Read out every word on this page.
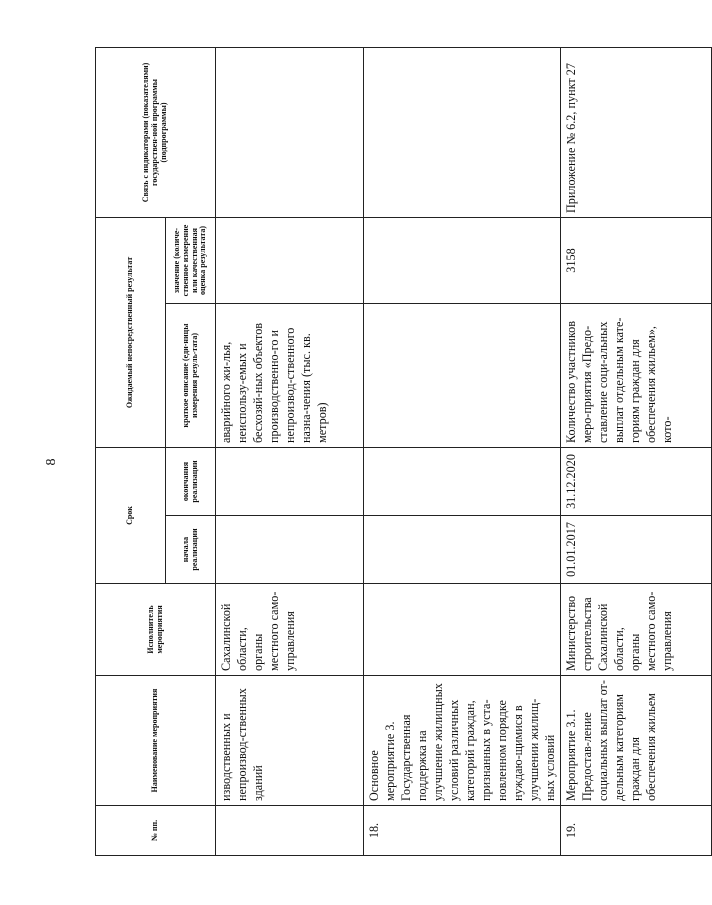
8
№ пп.	Наименование мероприятия	Исполнитель мероприятия	Срок		Ожидаемый непосредственный результат		Связь с индикаторами (показателями) государствен-ной программы (подпрограммы)
			начала реализации	окончания реализации	краткое описание (еди-ницы измерения резуль-тата)	значение (количе-ственное измерение или качественная оценка результата)	
	изводственных и непроизвод-ственных зданий	Сахалинской области, органы местного само-управления			аварийного жи-лья, неиспользу-емых и бесхозяй-ных объектов производственно-го и непроизвод-ственного назна-чения (тыс. кв. метров)		
18.	Основное мероприятие 3. Государственная поддержка на улучшение жилищных условий различных категорий граждан, признанных в уста-новленном порядке нуждаю-щимися в улучшении жилищ-ных условий						
19.	Мероприятие 3.1. Предостав-ление социальных выплат от-дельным категориям граждан для обеспечения жильем	Министерство строительства Сахалинской области, органы местного само-управления	01.01.2017	31.12.2020	Количество участников меро-приятия «Предо-ставление соци-альных выплат отдельным кате-гориям граждан для обеспечения жильем», кото-	3158	Приложение № 6.2, пункт 27
